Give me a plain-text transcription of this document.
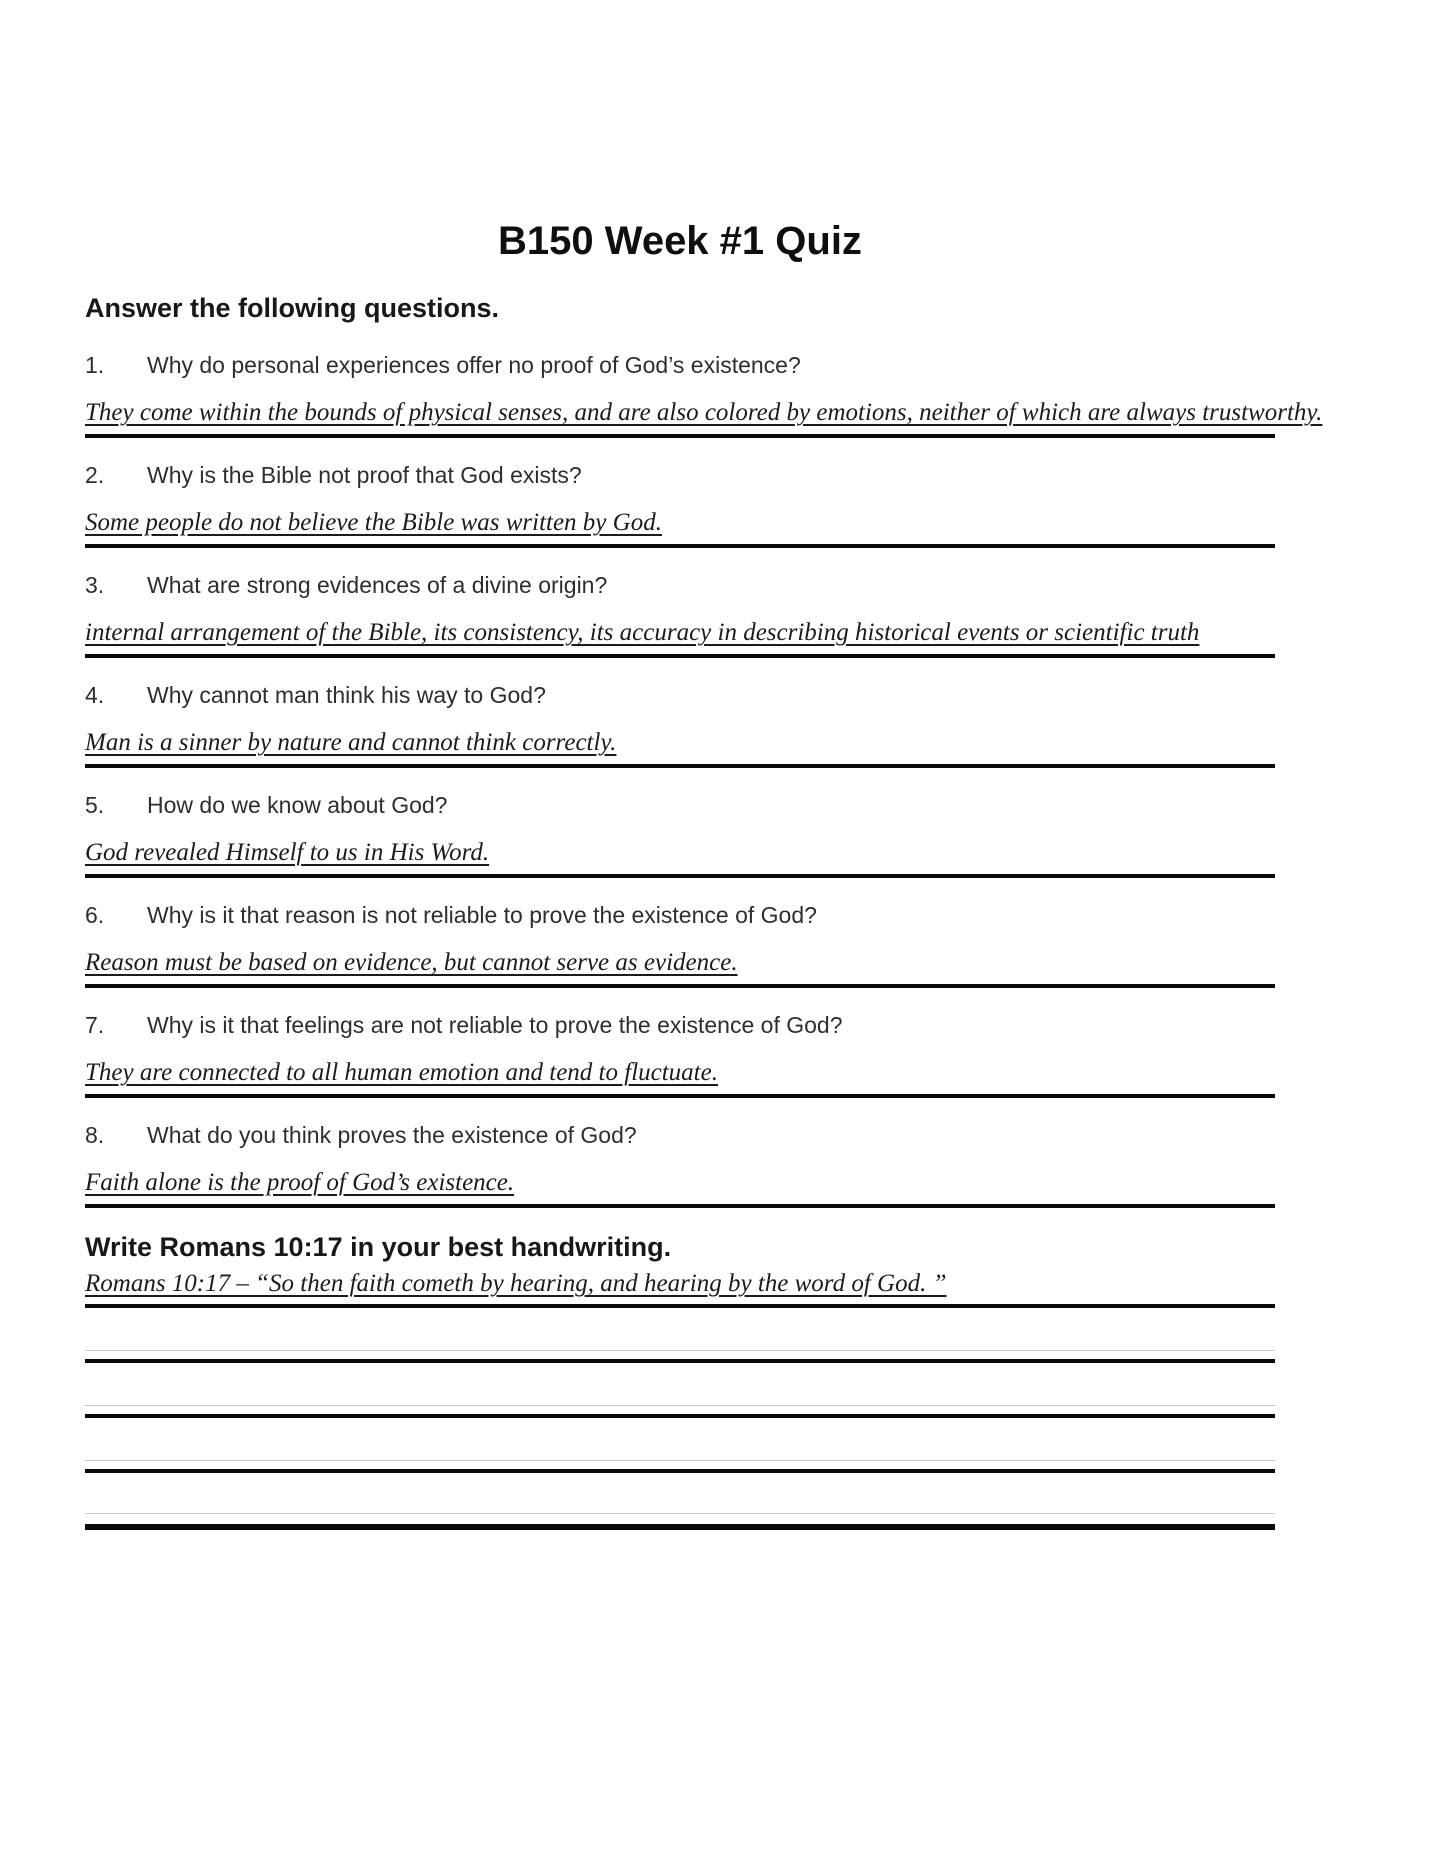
B150 Week #1 Quiz
Answer the following questions.
1.	Why do personal experiences offer no proof of God’s existence?
They come within the bounds of physical senses, and are also colored by emotions, neither of which are always trustworthy.
2.	Why is the Bible not proof that God exists?
Some people do not believe the Bible was written by God.
3.	What are strong evidences of a divine origin?
internal arrangement of the Bible, its consistency, its accuracy in describing historical events or scientific truth
4.	Why cannot man think his way to God?
Man is a sinner by nature and cannot think correctly.
5.	How do we know about God?
God revealed Himself to us in His Word.
6.	Why is it that reason is not reliable to prove the existence of God?
Reason must be based on evidence, but cannot serve as evidence.
7.	Why is it that feelings are not reliable to prove the existence of God?
They are connected to all human emotion and tend to fluctuate.
8.	What do you think proves the existence of God?
Faith alone is the proof of God’s existence.
Write Romans 10:17 in your best handwriting.
Romans 10:17 – “So then faith cometh by hearing, and hearing by the word of God. ”
